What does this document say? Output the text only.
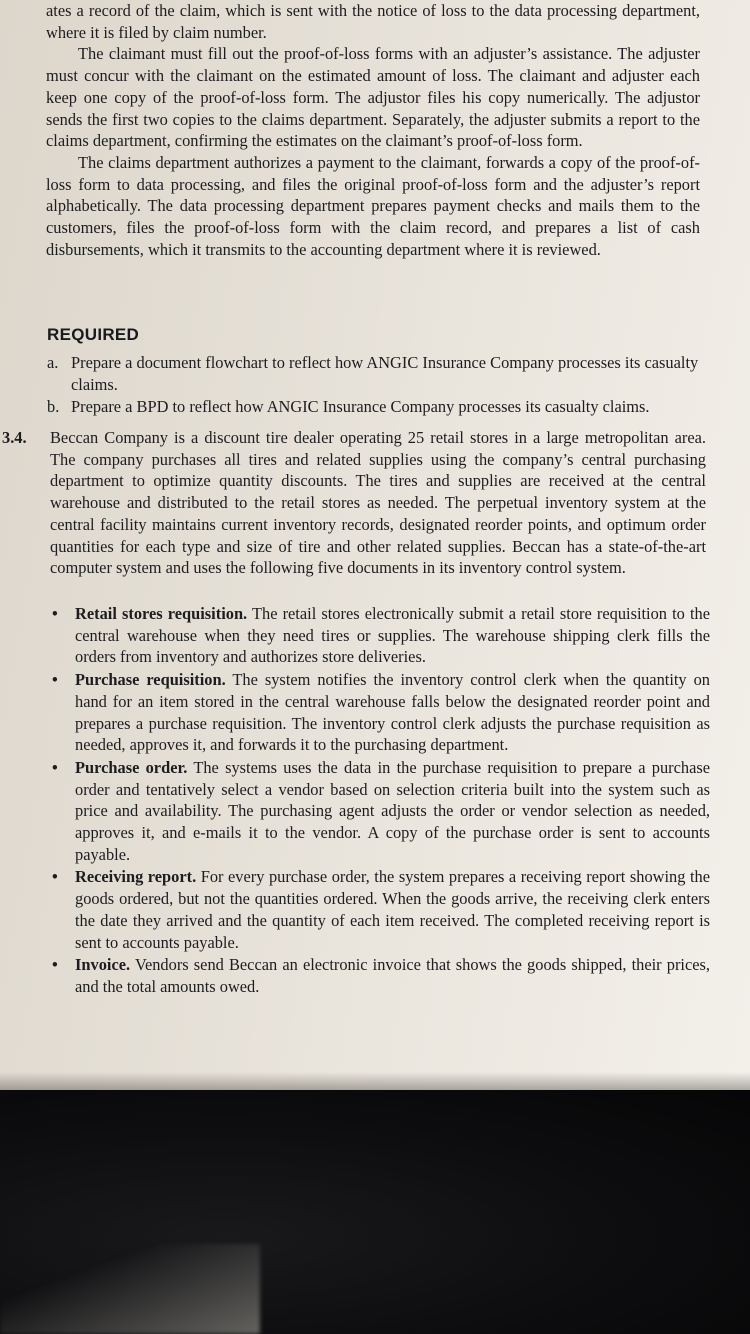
ates a record of the claim, which is sent with the notice of loss to the data processing department, where it is filed by claim number.

The claimant must fill out the proof-of-loss forms with an adjuster’s assistance. The adjuster must concur with the claimant on the estimated amount of loss. The claimant and adjuster each keep one copy of the proof-of-loss form. The adjustor files his copy numerically. The adjustor sends the first two copies to the claims department. Separately, the adjuster submits a report to the claims department, confirming the estimates on the claimant’s proof-of-loss form.

The claims department authorizes a payment to the claimant, forwards a copy of the proof-of-loss form to data processing, and files the original proof-of-loss form and the adjuster’s report alphabetically. The data processing department prepares payment checks and mails them to the customers, files the proof-of-loss form with the claim record, and prepares a list of cash disbursements, which it transmits to the accounting department where it is reviewed.

REQUIRED
a. Prepare a document flowchart to reflect how ANGIC Insurance Company processes its casualty claims.
b. Prepare a BPD to reflect how ANGIC Insurance Company processes its casualty claims.
3.4. Beccan Company is a discount tire dealer operating 25 retail stores in a large metropolitan area. The company purchases all tires and related supplies using the company’s central purchasing department to optimize quantity discounts. The tires and supplies are received at the central warehouse and distributed to the retail stores as needed. The perpetual inventory system at the central facility maintains current inventory records, designated reorder points, and optimum order quantities for each type and size of tire and other related supplies. Beccan has a state-of-the-art computer system and uses the following five documents in its inventory control system.

• Retail stores requisition. The retail stores electronically submit a retail store requisition to the central warehouse when they need tires or supplies. The warehouse shipping clerk fills the orders from inventory and authorizes store deliveries.
• Purchase requisition. The system notifies the inventory control clerk when the quantity on hand for an item stored in the central warehouse falls below the designated reorder point and prepares a purchase requisition. The inventory control clerk adjusts the purchase requisition as needed, approves it, and forwards it to the purchasing department.
• Purchase order. The systems uses the data in the purchase requisition to prepare a purchase order and tentatively select a vendor based on selection criteria built into the system such as price and availability. The purchasing agent adjusts the order or vendor selection as needed, approves it, and e-mails it to the vendor. A copy of the purchase order is sent to accounts payable.
• Receiving report. For every purchase order, the system prepares a receiving report showing the goods ordered, but not the quantities ordered. When the goods arrive, the receiving clerk enters the date they arrived and the quantity of each item received. The completed receiving report is sent to accounts payable.
• Invoice. Vendors send Beccan an electronic invoice that shows the goods shipped, their prices, and the total amounts owed.
